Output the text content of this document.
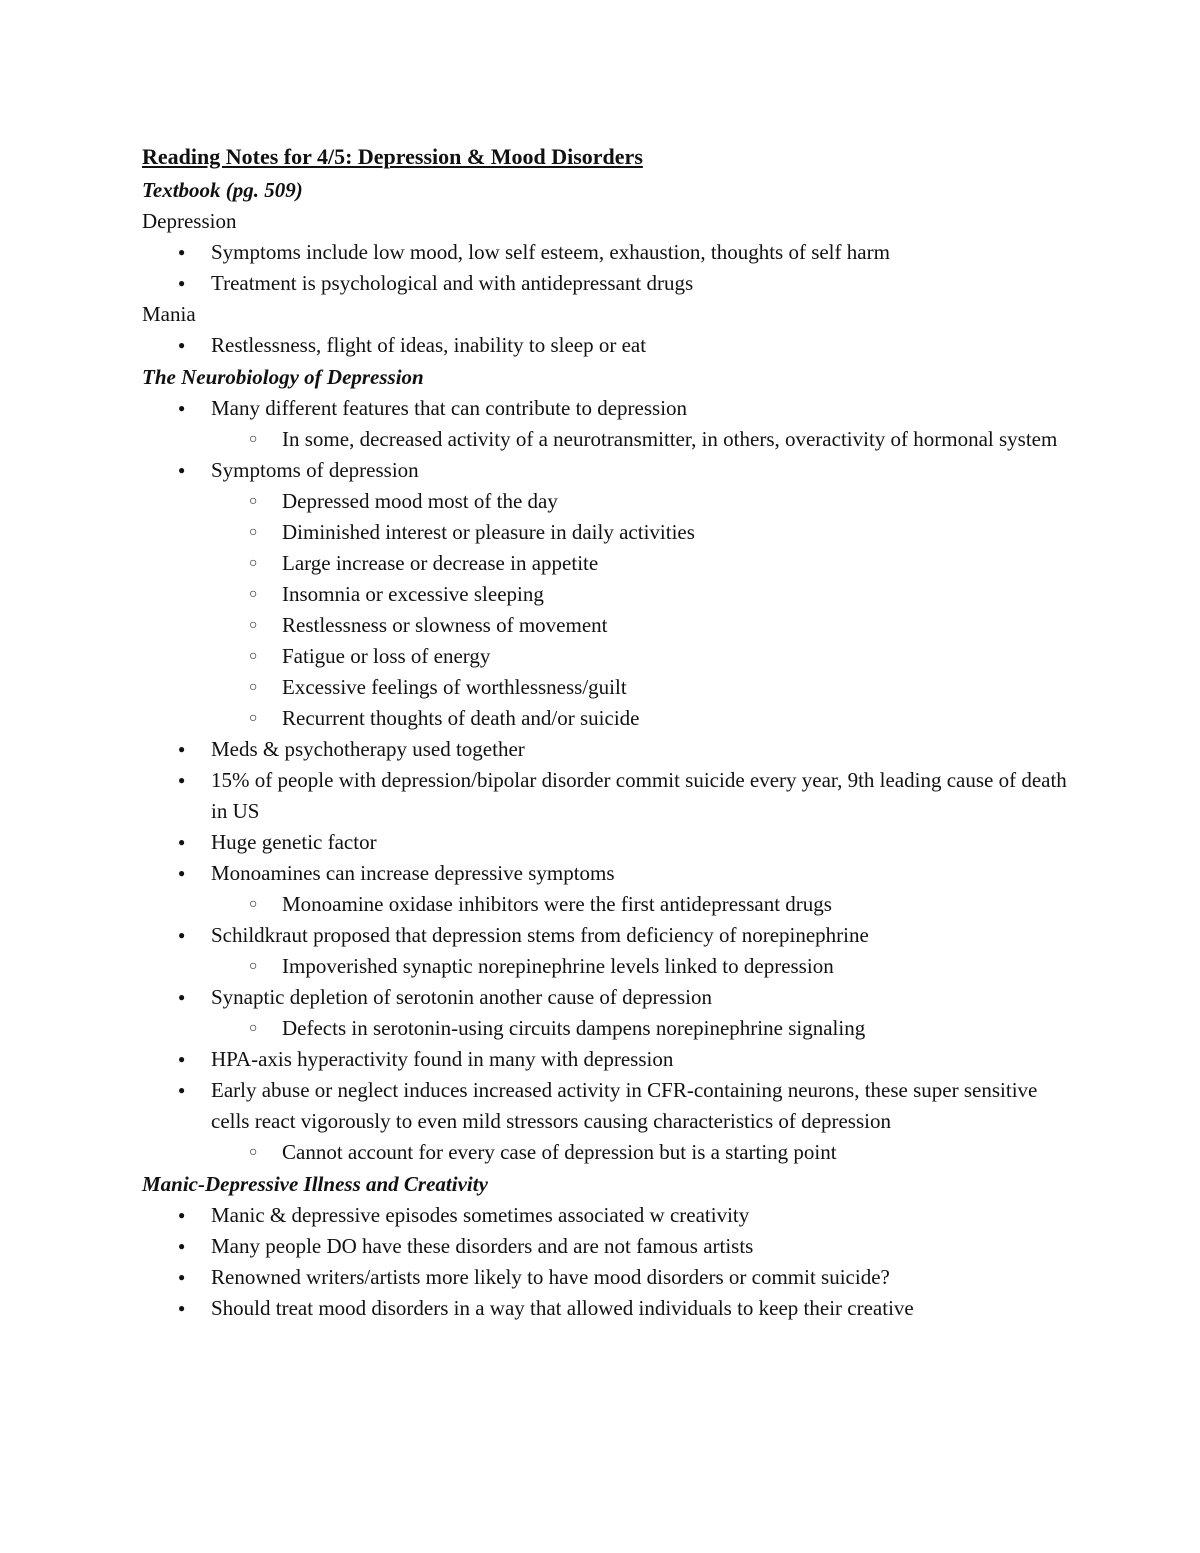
Reading Notes for 4/5: Depression & Mood Disorders

Textbook (pg. 509)

Depression

● Symptoms include low mood, low self esteem, exhaustion, thoughts of self harm
● Treatment is psychological and with antidepressant drugs

Mania

● Restlessness, flight of ideas, inability to sleep or eat

The Neurobiology of Depression

● Many different features that can contribute to depression
○ In some, decreased activity of a neurotransmitter, in others, overactivity of hormonal system
● Symptoms of depression
○ Depressed mood most of the day
○ Diminished interest or pleasure in daily activities
○ Large increase or decrease in appetite
○ Insomnia or excessive sleeping
○ Restlessness or slowness of movement
○ Fatigue or loss of energy
○ Excessive feelings of worthlessness/guilt
○ Recurrent thoughts of death and/or suicide
● Meds & psychotherapy used together
● 15% of people with depression/bipolar disorder commit suicide every year, 9th leading cause of death in US
● Huge genetic factor
● Monoamines can increase depressive symptoms
○ Monoamine oxidase inhibitors were the first antidepressant drugs
● Schildkraut proposed that depression stems from deficiency of norepinephrine
○ Impoverished synaptic norepinephrine levels linked to depression
● Synaptic depletion of serotonin another cause of depression
○ Defects in serotonin-using circuits dampens norepinephrine signaling
● HPA-axis hyperactivity found in many with depression
● Early abuse or neglect induces increased activity in CFR-containing neurons, these super sensitive cells react vigorously to even mild stressors causing characteristics of depression
○ Cannot account for every case of depression but is a starting point

Manic-Depressive Illness and Creativity

● Manic & depressive episodes sometimes associated w creativity
● Many people DO have these disorders and are not famous artists
● Renowned writers/artists more likely to have mood disorders or commit suicide?
● Should treat mood disorders in a way that allowed individuals to keep their creative
